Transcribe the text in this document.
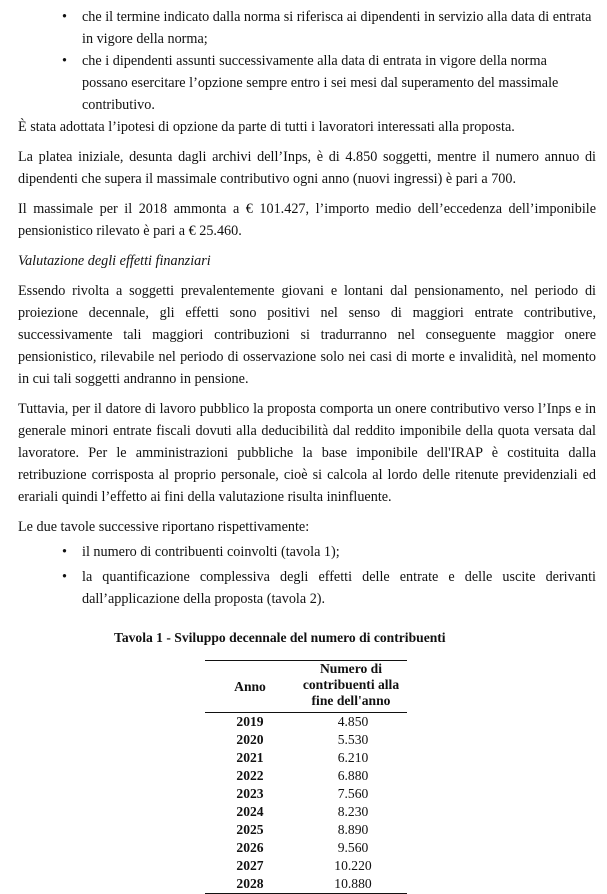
• che il termine indicato dalla norma si riferisca ai dipendenti in servizio alla data di entrata in vigore della norma;
• che i dipendenti assunti successivamente alla data di entrata in vigore della norma possano esercitare l’opzione sempre entro i sei mesi dal superamento del massimale contributivo.

È stata adottata l’ipotesi di opzione da parte di tutti i lavoratori interessati alla proposta.

La platea iniziale, desunta dagli archivi dell’Inps, è di 4.850 soggetti, mentre il numero annuo di dipendenti che supera il massimale contributivo ogni anno (nuovi ingressi) è pari a 700.

Il massimale per il 2018 ammonta a € 101.427, l’importo medio dell’eccedenza dell’imponibile pensionistico rilevato è pari a € 25.460.

Valutazione degli effetti finanziari

Essendo rivolta a soggetti prevalentemente giovani e lontani dal pensionamento, nel periodo di proiezione decennale, gli effetti sono positivi nel senso di maggiori entrate contributive, successivamente tali maggiori contribuzioni si tradurranno nel conseguente maggior onere pensionistico, rilevabile nel periodo di osservazione solo nei casi di morte e invalidità, nel momento in cui tali soggetti andranno in pensione.

Tuttavia, per il datore di lavoro pubblico la proposta comporta un onere contributivo verso l’Inps e in generale minori entrate fiscali dovuti alla deducibilità dal reddito imponibile della quota versata dal lavoratore. Per le amministrazioni pubbliche la base imponibile dell'IRAP è costituita dalla retribuzione corrisposta al proprio personale, cioè si calcola al lordo delle ritenute previdenziali ed erariali quindi l’effetto ai fini della valutazione risulta ininfluente.

Le due tavole successive riportano rispettivamente:

• il numero di contribuenti coinvolti (tavola 1);
• la quantificazione complessiva degli effetti delle entrate e delle uscite derivanti dall’applicazione della proposta (tavola 2).
Tavola 1 - Sviluppo decennale del numero di contribuenti
Anno	Numero di contribuenti alla fine dell'anno
2019	4.850
2020	5.530
2021	6.210
2022	6.880
2023	7.560
2024	8.230
2025	8.890
2026	9.560
2027	10.220
2028	10.880
